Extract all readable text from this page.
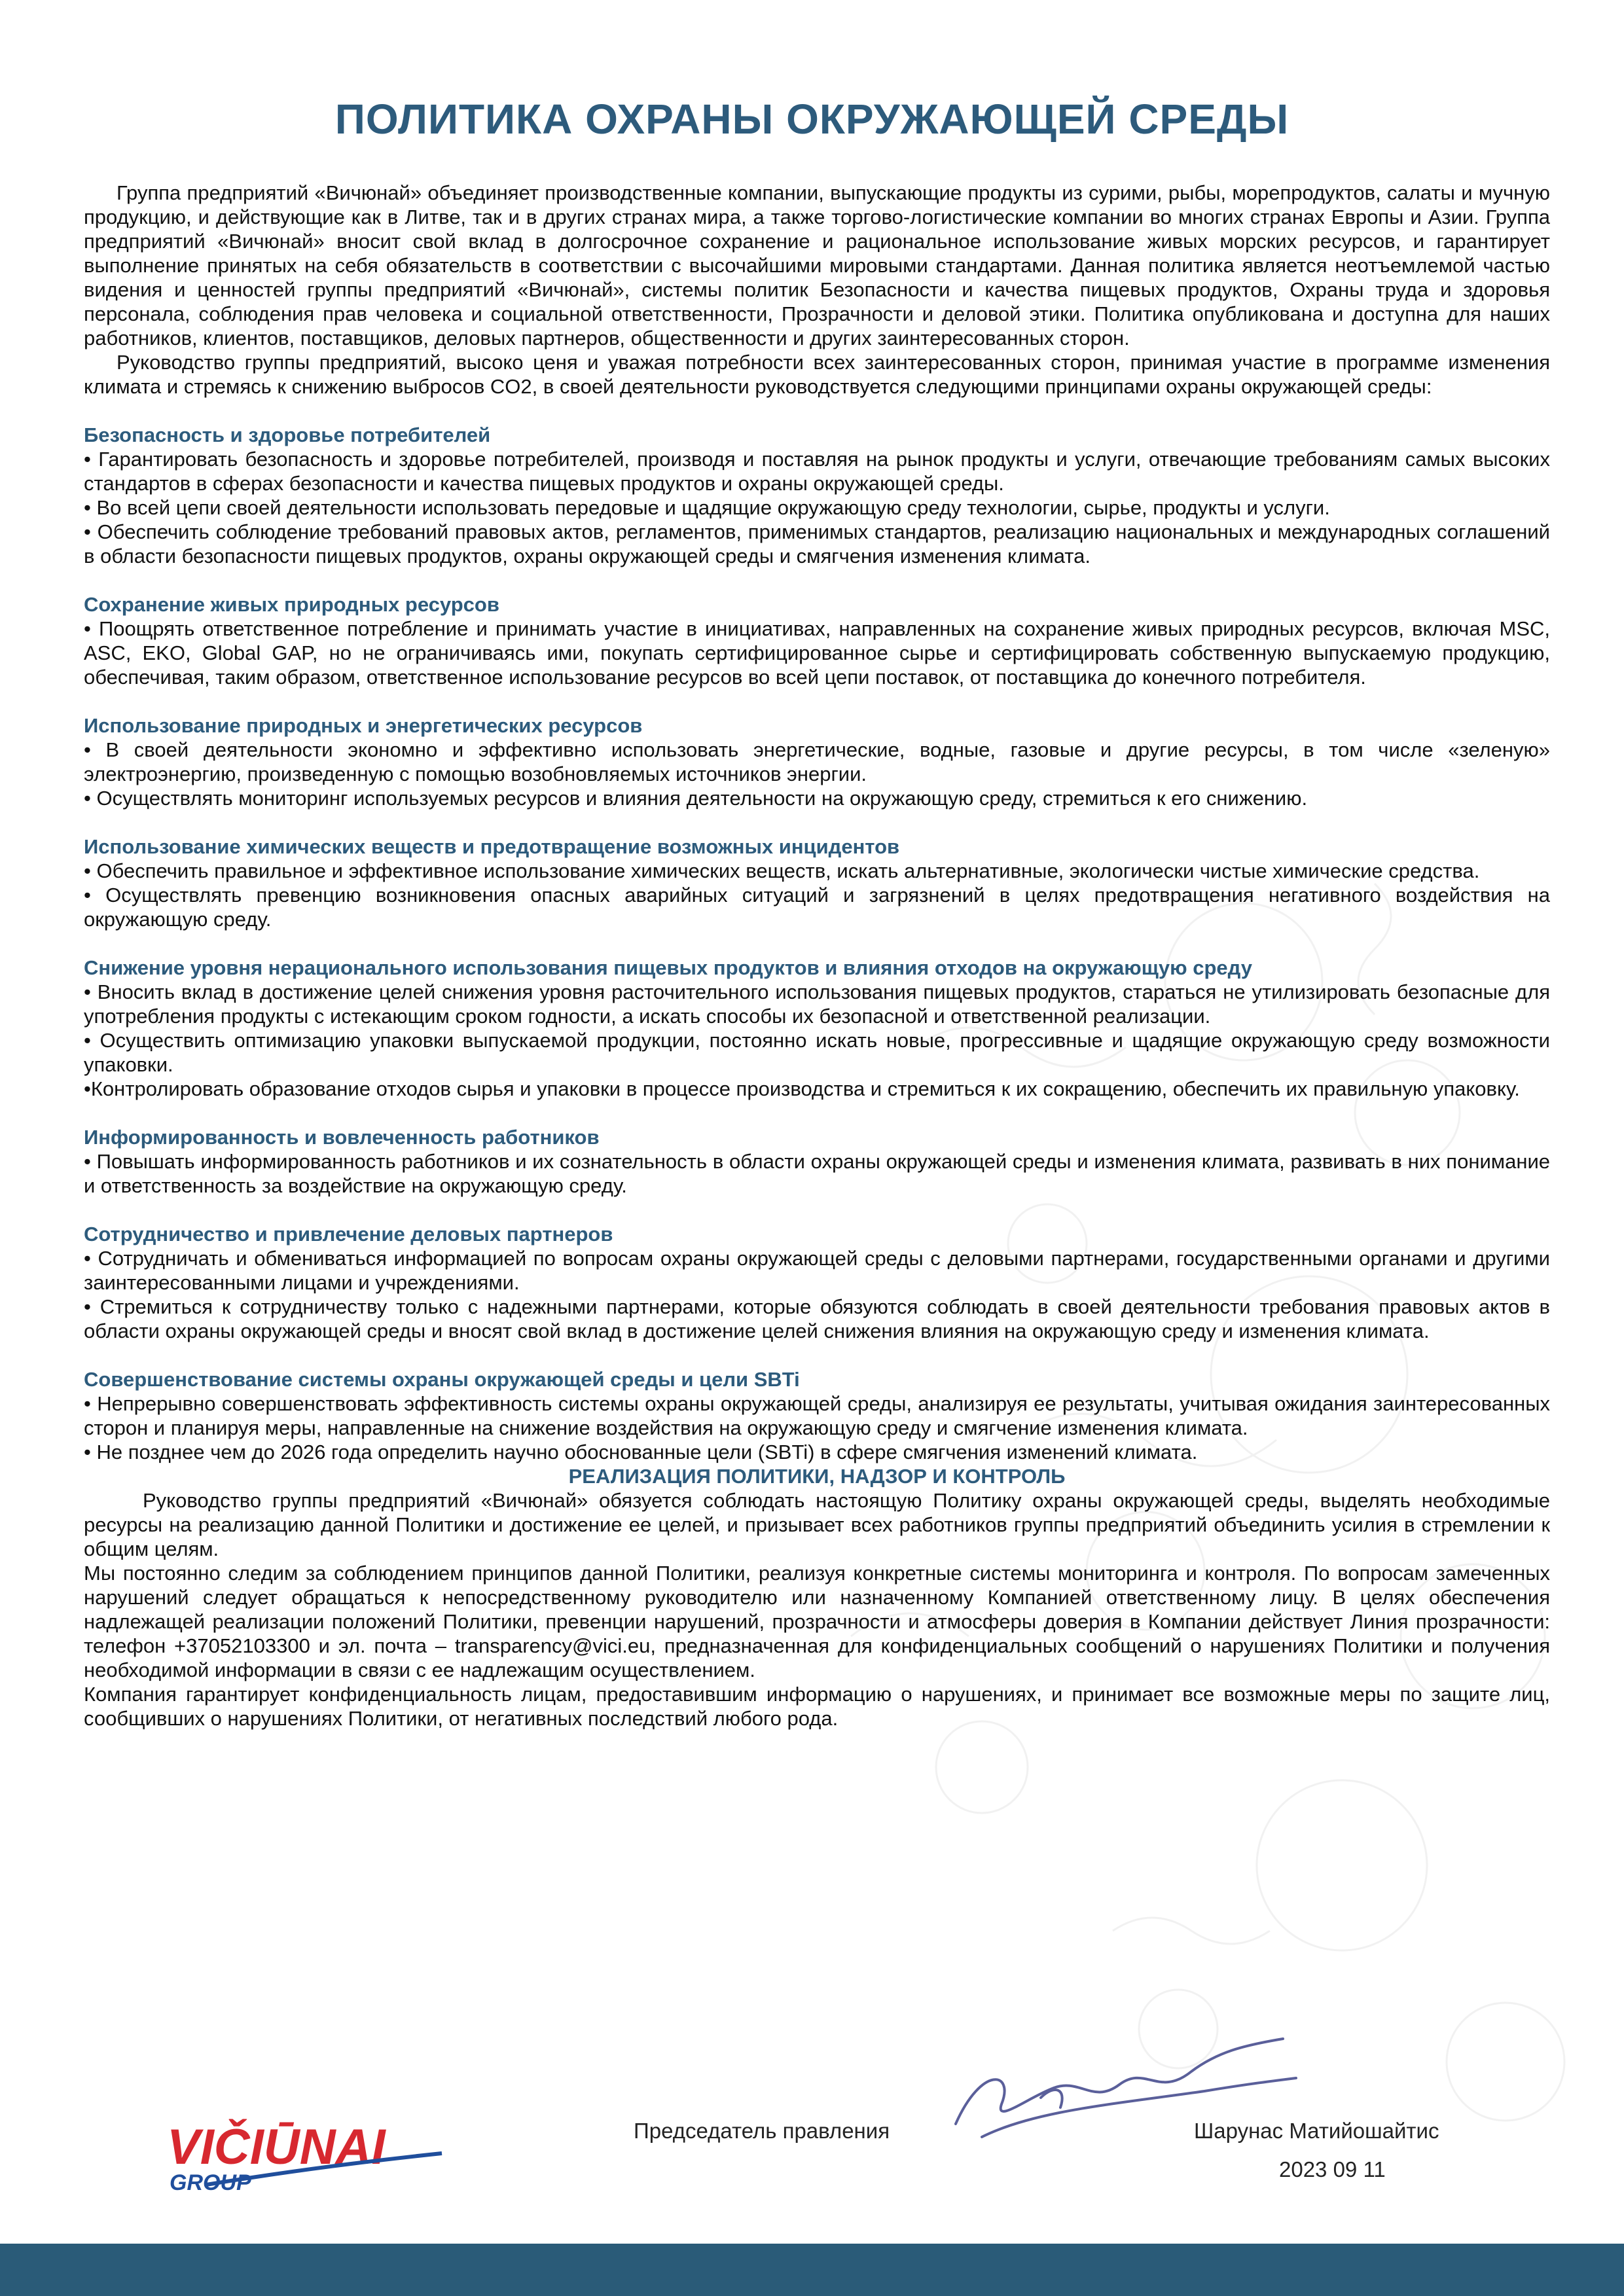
ПОЛИТИКА ОХРАНЫ ОКРУЖАЮЩЕЙ СРЕДЫ

Группа предприятий «Вичюнай» объединяет производственные компании, выпускающие продукты из сурими, рыбы, морепродуктов, салаты и мучную продукцию, и действующие как в Литве, так и в других странах мира, а также торгово-логистические компании во многих странах Европы и Азии. Группа предприятий «Вичюнай» вносит свой вклад в долгосрочное сохранение и рациональное использование живых морских ресурсов, и гарантирует выполнение принятых на себя обязательств в соответствии с высочайшими мировыми стандартами. Данная политика является неотъемлемой частью видения и ценностей группы предприятий «Вичюнай», системы политик Безопасности и качества пищевых продуктов, Охраны труда и здоровья персонала, соблюдения прав человека и социальной ответственности, Прозрачности и деловой этики. Политика опубликована и доступна для наших работников, клиентов, поставщиков, деловых партнеров, общественности и других заинтересованных сторон.

Руководство группы предприятий, высоко ценя и уважая потребности всех заинтересованных сторон, принимая участие в программе изменения климата и стремясь к снижению выбросов CO2, в своей деятельности руководствуется следующими принципами охраны окружающей среды:

Безопасность и здоровье потребителей

• Гарантировать безопасность и здоровье потребителей, производя и поставляя на рынок продукты и услуги, отвечающие требованиям самых высоких стандартов в сферах безопасности и качества пищевых продуктов и охраны окружающей среды.

• Во всей цепи своей деятельности использовать передовые и щадящие окружающую среду технологии, сырье, продукты и услуги.

• Обеспечить соблюдение требований правовых актов, регламентов, применимых стандартов, реализацию национальных и международных соглашений в области безопасности пищевых продуктов, охраны окружающей среды и смягчения изменения климата.

Сохранение живых природных ресурсов

• Поощрять ответственное потребление и принимать участие в инициативах, направленных на сохранение живых природных ресурсов, включая MSC, ASC, EKO, Global GAP, но не ограничиваясь ими, покупать сертифицированное сырье и сертифицировать собственную выпускаемую продукцию, обеспечивая, таким образом, ответственное использование ресурсов во всей цепи поставок, от поставщика до конечного потребителя.

Использование природных и энергетических ресурсов

• В своей деятельности экономно и эффективно использовать энергетические, водные, газовые и другие ресурсы, в том числе «зеленую» электроэнергию, произведенную с помощью возобновляемых источников энергии.

• Осуществлять мониторинг используемых ресурсов и влияния деятельности на окружающую среду, стремиться к его снижению.

Использование химических веществ и предотвращение возможных инцидентов

• Обеспечить правильное и эффективное использование химических веществ, искать альтернативные, экологически чистые химические средства.

• Осуществлять превенцию возникновения опасных аварийных ситуаций и загрязнений в целях предотвращения негативного воздействия на окружающую среду.

Снижение уровня нерационального использования пищевых продуктов и влияния отходов на окружающую среду

• Вносить вклад в достижение целей снижения уровня расточительного использования пищевых продуктов, стараться не утилизировать безопасные для употребления продукты с истекающим сроком годности, а искать способы их безопасной и ответственной реализации.

• Осуществить оптимизацию упаковки выпускаемой продукции, постоянно искать новые, прогрессивные и щадящие окружающую среду возможности упаковки.

•Контролировать образование отходов сырья и упаковки в процессе производства и стремиться к их сокращению, обеспечить их правильную упаковку.

Информированность и вовлеченность работников

• Повышать информированность работников и их сознательность в области охраны окружающей среды и изменения климата, развивать в них понимание и ответственность за воздействие на окружающую среду.

Сотрудничество и привлечение деловых партнеров

• Сотрудничать и обмениваться информацией по вопросам охраны окружающей среды с деловыми партнерами, государственными органами и другими заинтересованными лицами и учреждениями.

• Стремиться к сотрудничеству только с надежными партнерами, которые обязуются соблюдать в своей деятельности требования правовых актов в области охраны окружающей среды и вносят свой вклад в достижение целей снижения влияния на окружающую среду и изменения климата.

Совершенствование системы охраны окружающей среды и цели SBTi

• Непрерывно совершенствовать эффективность системы охраны окружающей среды, анализируя ее результаты, учитывая ожидания заинтересованных сторон и планируя меры, направленные на снижение воздействия на окружающую среду и смягчение изменения климата.

• Не позднее чем до 2026 года определить научно обоснованные цели (SBTi) в сфере смягчения изменений климата.

РЕАЛИЗАЦИЯ ПОЛИТИКИ, НАДЗОР И КОНТРОЛЬ

Руководство группы предприятий «Вичюнай» обязуется соблюдать настоящую Политику охраны окружающей среды, выделять необходимые ресурсы на реализацию данной Политики и достижение ее целей, и призывает всех работников группы предприятий объединить усилия в стремлении к общим целям.

Мы постоянно следим за соблюдением принципов данной Политики, реализуя конкретные системы мониторинга и контроля. По вопросам замеченных нарушений следует обращаться к непосредственному руководителю или назначенному Компанией ответственному лицу. В целях обеспечения надлежащей реализации положений Политики, превенции нарушений, прозрачности и атмосферы доверия в Компании действует Линия прозрачности: телефон +37052103300 и эл. почта – transparency@vici.eu, предназначенная для конфиденциальных сообщений о нарушениях Политики и получения необходимой информации в связи с ее надлежащим осуществлением.

Компания гарантирует конфиденциальность лицам, предоставившим информацию о нарушениях, и принимает все возможные меры по защите лиц, сообщивших о нарушениях Политики, от негативных последствий любого рода.

VIČIŪNAI
GROUP
Председатель правления	Шарунас Матийошайтис
2023 09 11
